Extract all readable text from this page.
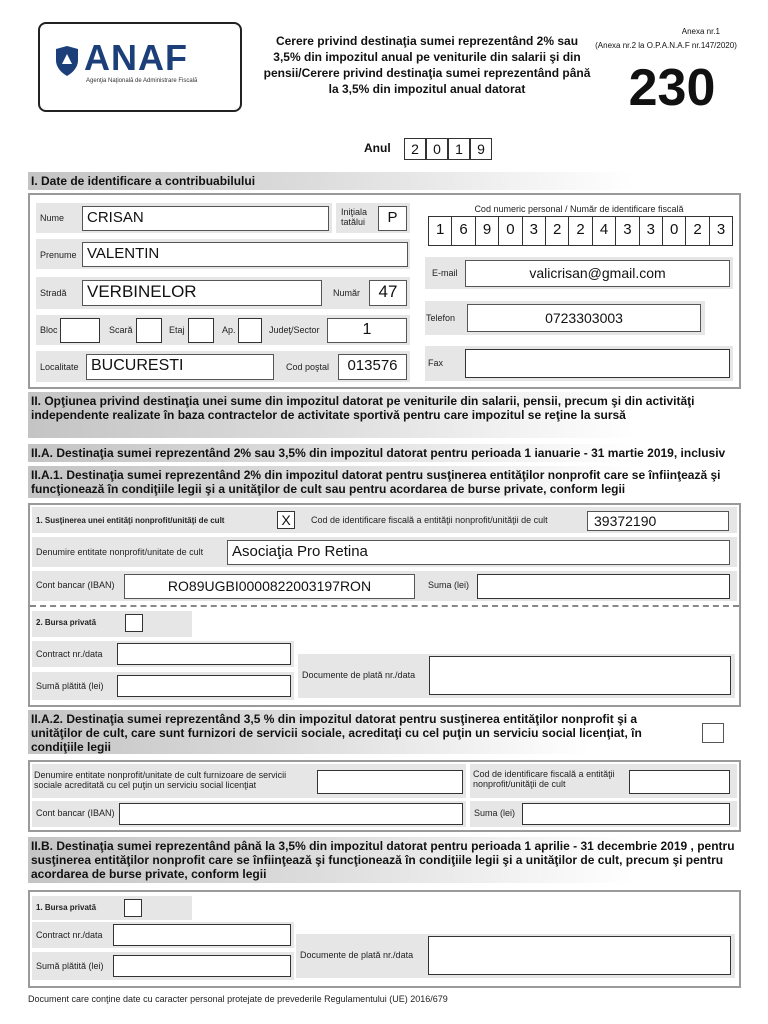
ANAF
Agenţia Naţională de Administrare Fiscală
Cerere privind destinaţia sumei reprezentând 2% sau 3,5% din impozitul anual pe veniturile din salarii şi din pensii/Cerere privind destinaţia sumei reprezentând până la 3,5% din impozitul anual datorat
Anexa nr.1
(Anexa nr.2 la O.P.A.N.A.F nr.147/2020)
230
Anul	2	0	1	9
I. Date de identificare a contribuabilului
Nume	CRISAN	Iniţiala tatălui	P
Prenume VALENTIN
Stradă VERBINELOR	Număr	47
Bloc	Scară	Etaj	Ap.	Judeţ/Sector	1
Localitate BUCURESTI	Cod poştal	013576
Cod numeric personal / Număr de identificare fiscală
1	6	9	0	3	2	2	4	3	3	0	2	3
E-mail	valicrisan@gmail.com
Telefon	0723303003
Fax
II. Opţiunea privind destinaţia unei sume din impozitul datorat pe veniturile din salarii, pensii, precum şi din activităţi independente realizate în baza contractelor de activitate sportivă pentru care impozitul se reţine la sursă
II.A. Destinaţia sumei reprezentând 2% sau 3,5% din impozitul datorat pentru perioada 1 ianuarie - 31 martie 2019, inclusiv
II.A.1. Destinaţia sumei reprezentând 2% din impozitul datorat pentru susţinerea entităţilor nonprofit care se înfiinţează şi funcţionează în condiţiile legii şi a unităţilor de cult sau pentru acordarea de burse private, conform legii
1. Susţinerea unei entităţi nonprofit/unităţi de cult	X	Cod de identificare fiscală a entităţii nonprofit/unităţii de cult	39372190
Denumire entitate nonprofit/unitate de cult	Asociaţia Pro Retina
Cont bancar (IBAN)	RO89UGBI0000822003197RON	Suma (lei)
2. Bursa privată
Contract nr./data
Sumă plătită (lei)
Documente de plată nr./data
II.A.2. Destinaţia sumei reprezentând 3,5 % din impozitul datorat pentru susţinerea entităţilor nonprofit şi a unităţilor de cult, care sunt furnizori de servicii sociale, acreditaţi cu cel puţin un serviciu social licenţiat, în condiţiile legii
Denumire entitate nonprofit/unitate de cult furnizoare de servicii sociale acreditată cu cel puţin un serviciu social licenţiat
Cod de identificare fiscală a entităţii nonprofit/unităţii de cult
Cont bancar (IBAN)	Suma (lei)
II.B. Destinaţia sumei reprezentând până la 3,5% din impozitul datorat pentru perioada 1 aprilie - 31 decembrie 2019 , pentru susţinerea entităţilor nonprofit care se înfiinţează şi funcţionează în condiţiile legii şi a unităţilor de cult, precum şi pentru acordarea de burse private, conform legii
1. Bursa privată
Contract nr./data
Sumă plătită (lei)
Documente de plată nr./data
Document care conţine date cu caracter personal protejate de prevederile Regulamentului (UE) 2016/679
